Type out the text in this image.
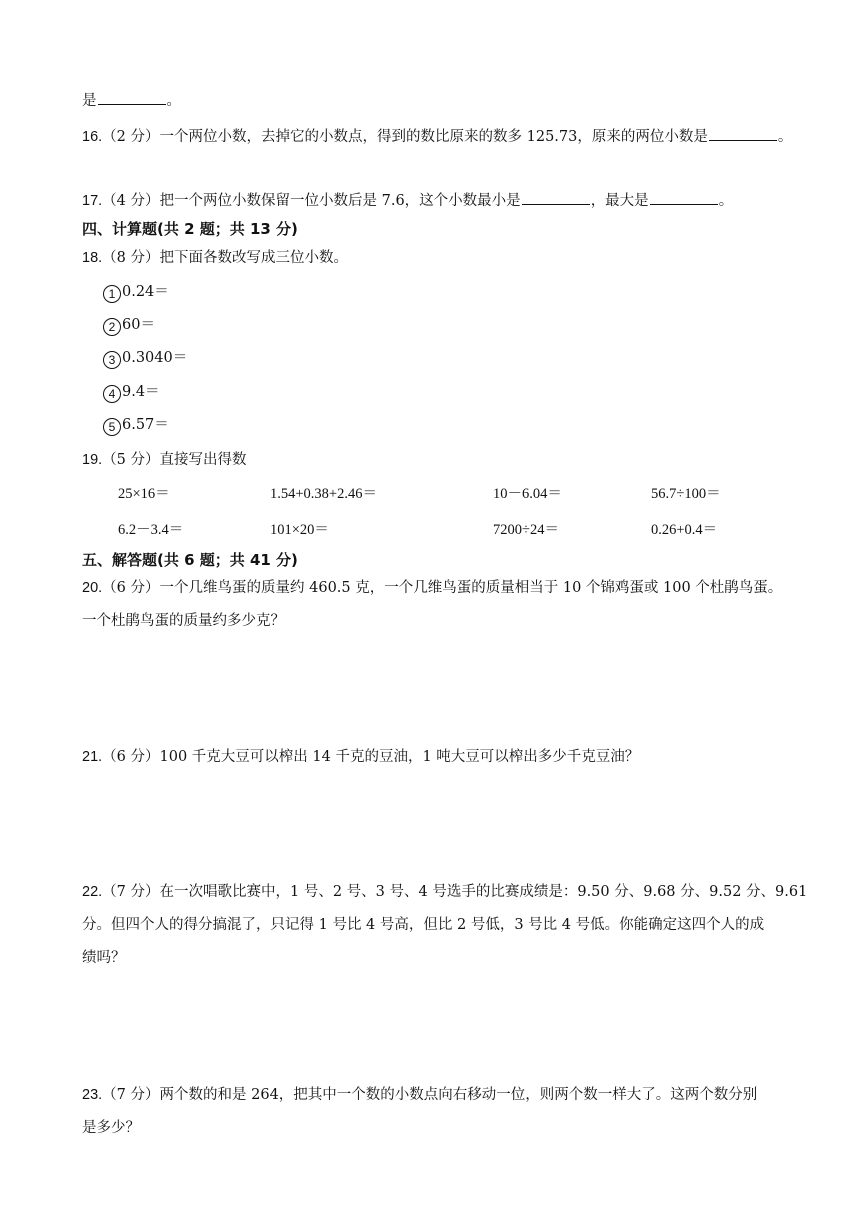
是	。
16.（2 分）一个两位小数，去掉它的小数点，得到的数比原来的数多 125.73，原来的两位小数是	。
17.（4 分）把一个两位小数保留一位小数后是 7.6，这个小数最小是	，最大是	。
四、计算题(共 2 题；共 13 分)
18.（8 分）把下面各数改写成三位小数。
1 0.24＝
2 60＝
3 0.3040＝
4 9.4＝
5 6.57＝
19.（5 分）直接写出得数
25×16＝	1.54+0.38+2.46＝	10－6.04＝	56.7÷100＝
6.2－3.4＝	101×20＝	7200÷24＝	0.26+0.4＝
五、解答题(共 6 题；共 41 分)
20.（6 分）一个几维鸟蛋的质量约 460.5 克，一个几维鸟蛋的质量相当于 10 个锦鸡蛋或 100 个杜鹃鸟蛋。
一个杜鹃鸟蛋的质量约多少克？
21.（6 分）100 千克大豆可以榨出 14 千克的豆油，1 吨大豆可以榨出多少千克豆油？
22.（7 分）在一次唱歌比赛中，1 号、2 号、3 号、4 号选手的比赛成绩是：9.50 分、9.68 分、9.52 分、9.61
分。但四个人的得分搞混了，只记得 1 号比 4 号高，但比 2 号低，3 号比 4 号低。你能确定这四个人的成
绩吗？
23.（7 分）两个数的和是 264，把其中一个数的小数点向右移动一位，则两个数一样大了。这两个数分别
是多少？
